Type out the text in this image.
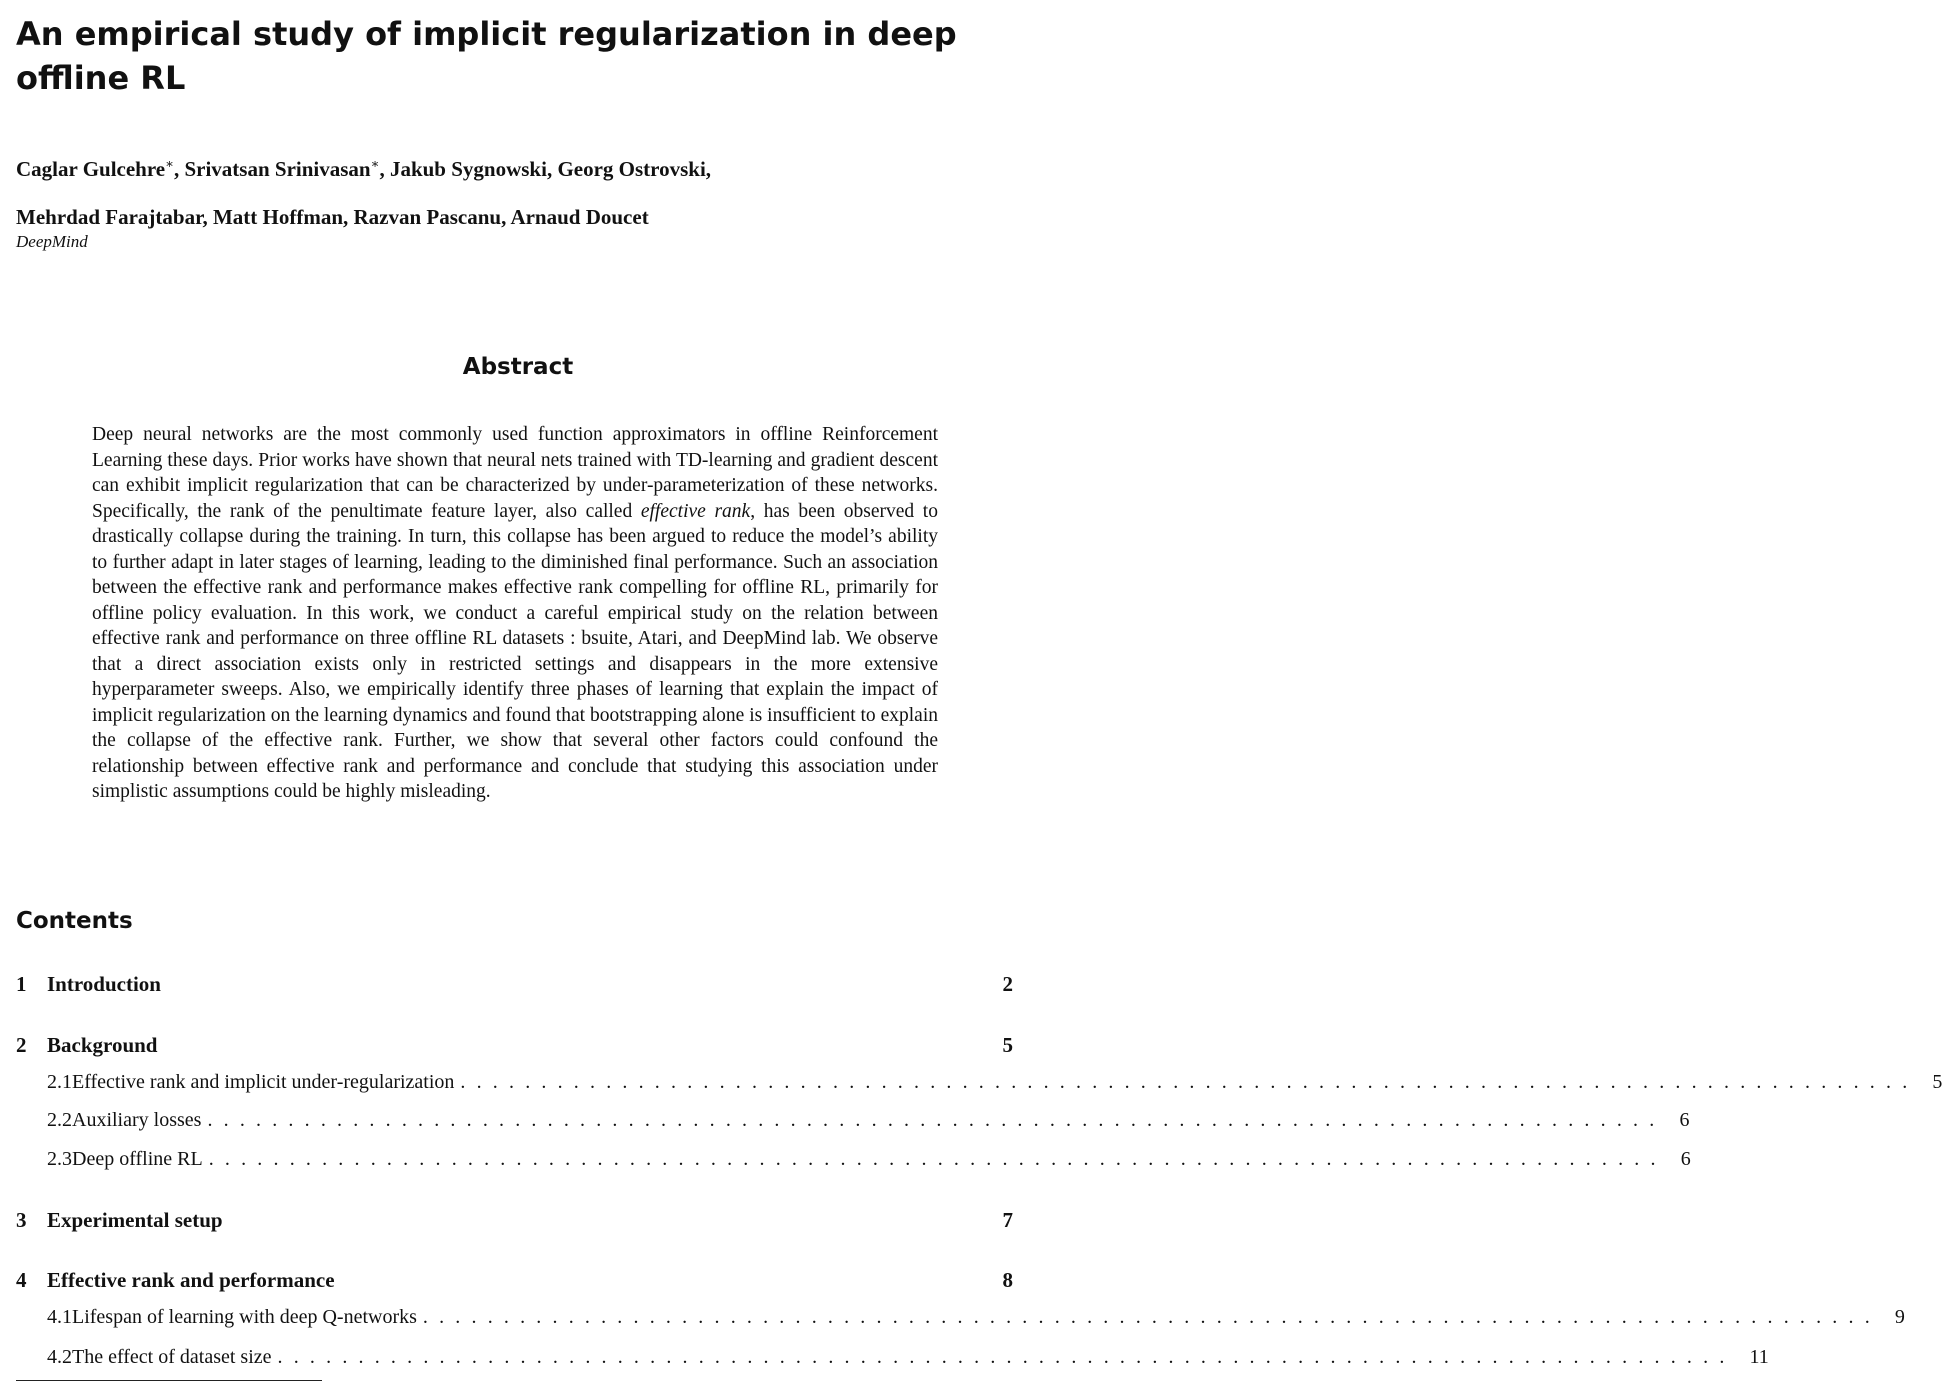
An empirical study of implicit regularization in deep offline RL

Caglar Gulcehre∗, Srivatsan Srinivasan∗, Jakub Sygnowski, Georg Ostrovski,

Mehrdad Farajtabar, Matt Hoffman, Razvan Pascanu, Arnaud Doucet

DeepMind

Abstract

Deep neural networks are the most commonly used function approximators in offline Reinforcement Learning these days. Prior works have shown that neural nets trained with TD-learning and gradient descent can exhibit implicit regularization that can be characterized by under-parameterization of these networks. Specifically, the rank of the penultimate feature layer, also called effective rank, has been observed to drastically collapse during the training. In turn, this collapse has been argued to reduce the model’s ability to further adapt in later stages of learning, leading to the diminished final performance. Such an association between the effective rank and performance makes effective rank compelling for offline RL, primarily for offline policy evaluation. In this work, we conduct a careful empirical study on the relation between effective rank and performance on three offline RL datasets : bsuite, Atari, and DeepMind lab. We observe that a direct association exists only in restricted settings and disappears in the more extensive hyperparameter sweeps. Also, we empirically identify three phases of learning that explain the impact of implicit regularization on the learning dynamics and found that bootstrapping alone is insufficient to explain the collapse of the effective rank. Further, we show that several other factors could confound the relationship between effective rank and performance and conclude that studying this association under simplistic assumptions could be highly misleading.

Contents
1 Introduction	2
2 Background	5
2.1 Effective rank and implicit under-regularization .......................................................................................... 5
2.2 Auxiliary losses .......................................................................................... 6
2.3 Deep offline RL .......................................................................................... 6
3 Experimental setup	7
4 Effective rank and performance	8
4.1 Lifespan of learning with deep Q-networks .......................................................................................... 9
4.2 The effect of dataset size .......................................................................................... 11
